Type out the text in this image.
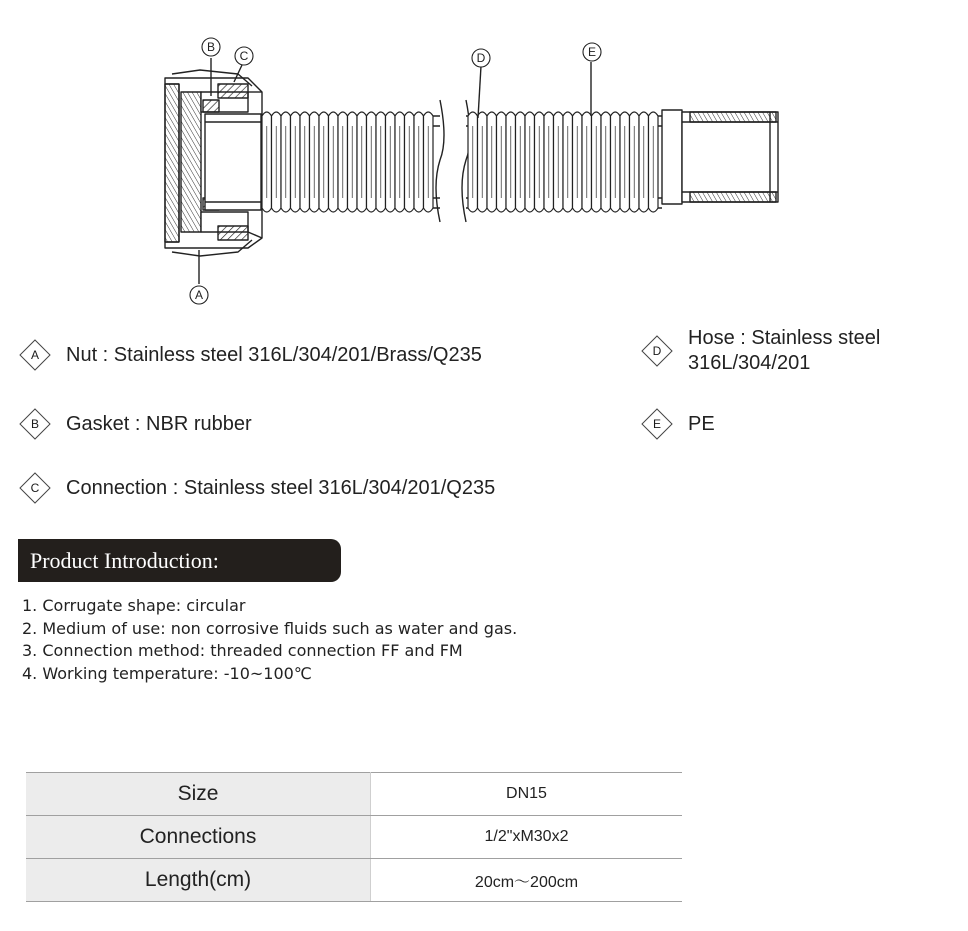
B
C	D	E
A
A	Nut : Stainless steel 316L/304/201/Brass/Q235
B	Gasket : NBR rubber
C	Connection : Stainless steel 316L/304/201/Q235
D
Hose : Stainless steel
316L/304/201
E	PE
Product Introduction:
1. Corrugate shape: circular
2. Medium of use: non corrosive fluids such as water and gas.
3. Connection method: threaded connection FF and FM
4. Working temperature: -10~100℃
Size	DN15
Connections	1/2"xM30x2
Length(cm)	20cm～200cm
